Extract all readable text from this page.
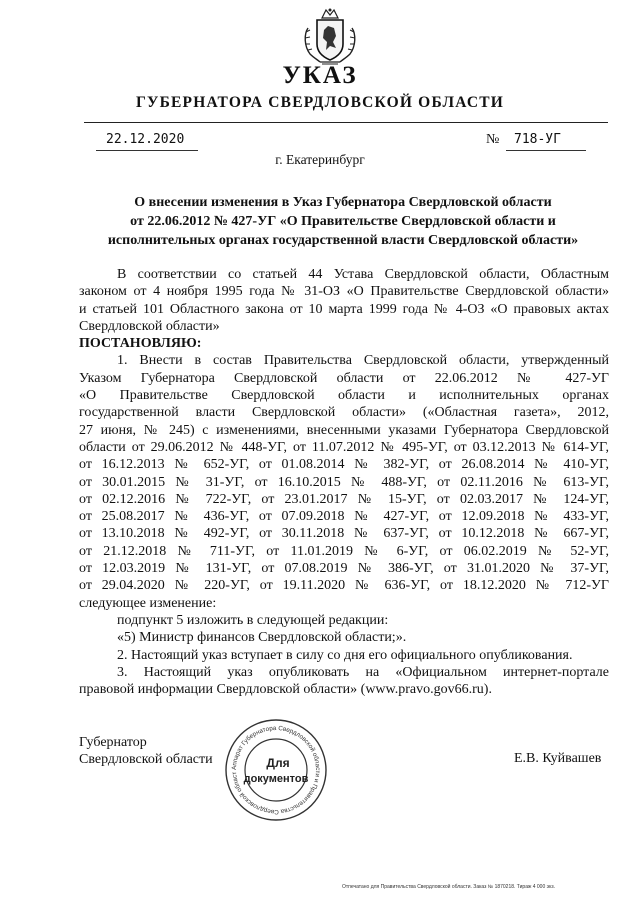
УКАЗ
ГУБЕРНАТОРА СВЕРДЛОВСКОЙ ОБЛАСТИ
22.12.2020	№ 718-УГ
г. Екатеринбург
О внесении изменения в Указ Губернатора Свердловской области
от 22.06.2012 № 427-УГ «О Правительстве Свердловской области и
исполнительных органах государственной власти Свердловской области»

В соответствии со статьей 44 Устава Свердловской области, Областным

законом от 4 ноября 1995 года № 31-ОЗ «О Правительстве Свердловской области»

и статьей 101 Областного закона от 10 марта 1999 года № 4-ОЗ «О правовых актах

Свердловской области»

ПОСТАНОВЛЯЮ:

1. Внести в состав Правительства Свердловской области, утвержденный

Указом Губернатора Свердловской области от 22.06.2012 № 427-УГ

«О Правительстве Свердловской области и исполнительных органах

государственной власти Свердловской области» («Областная газета», 2012,

27 июня, № 245) с изменениями, внесенными указами Губернатора Свердловской

области от 29.06.2012 № 448-УГ, от 11.07.2012 № 495-УГ, от 03.12.2013 № 614-УГ,

от 16.12.2013 № 652-УГ, от 01.08.2014 № 382-УГ, от 26.08.2014 № 410-УГ,

от 30.01.2015 № 31-УГ, от 16.10.2015 № 488-УГ, от 02.11.2016 № 613-УГ,

от 02.12.2016 № 722-УГ, от 23.01.2017 № 15-УГ, от 02.03.2017 № 124-УГ,

от 25.08.2017 № 436-УГ, от 07.09.2018 № 427-УГ, от 12.09.2018 № 433-УГ,

от 13.10.2018 № 492-УГ, от 30.11.2018 № 637-УГ, от 10.12.2018 № 667-УГ,

от 21.12.2018 № 711-УГ, от 11.01.2019 № 6-УГ, от 06.02.2019 № 52-УГ,

от 12.03.2019 № 131-УГ, от 07.08.2019 № 386-УГ, от 31.01.2020 № 37-УГ,

от 29.04.2020 № 220-УГ, от 19.11.2020 № 636-УГ, от 18.12.2020 № 712-УГ

следующее изменение:

подпункт 5 изложить в следующей редакции:

«5) Министр финансов Свердловской области;».

2. Настоящий указ вступает в силу со дня его официального опубликования.

3. Настоящий указ опубликовать на «Официальном интернет-портале

правовой информации Свердловской области» (www.pravo.gov66.ru).

Губернатор
Свердловской области	Е.В. Куйвашев
Аппарат Губернатора Свердловской области и Правительства Свердловской област
Для
документов
Отпечатано для Правительства Свердловской области. Заказ № 1870218. Тираж 4 000 экз.
